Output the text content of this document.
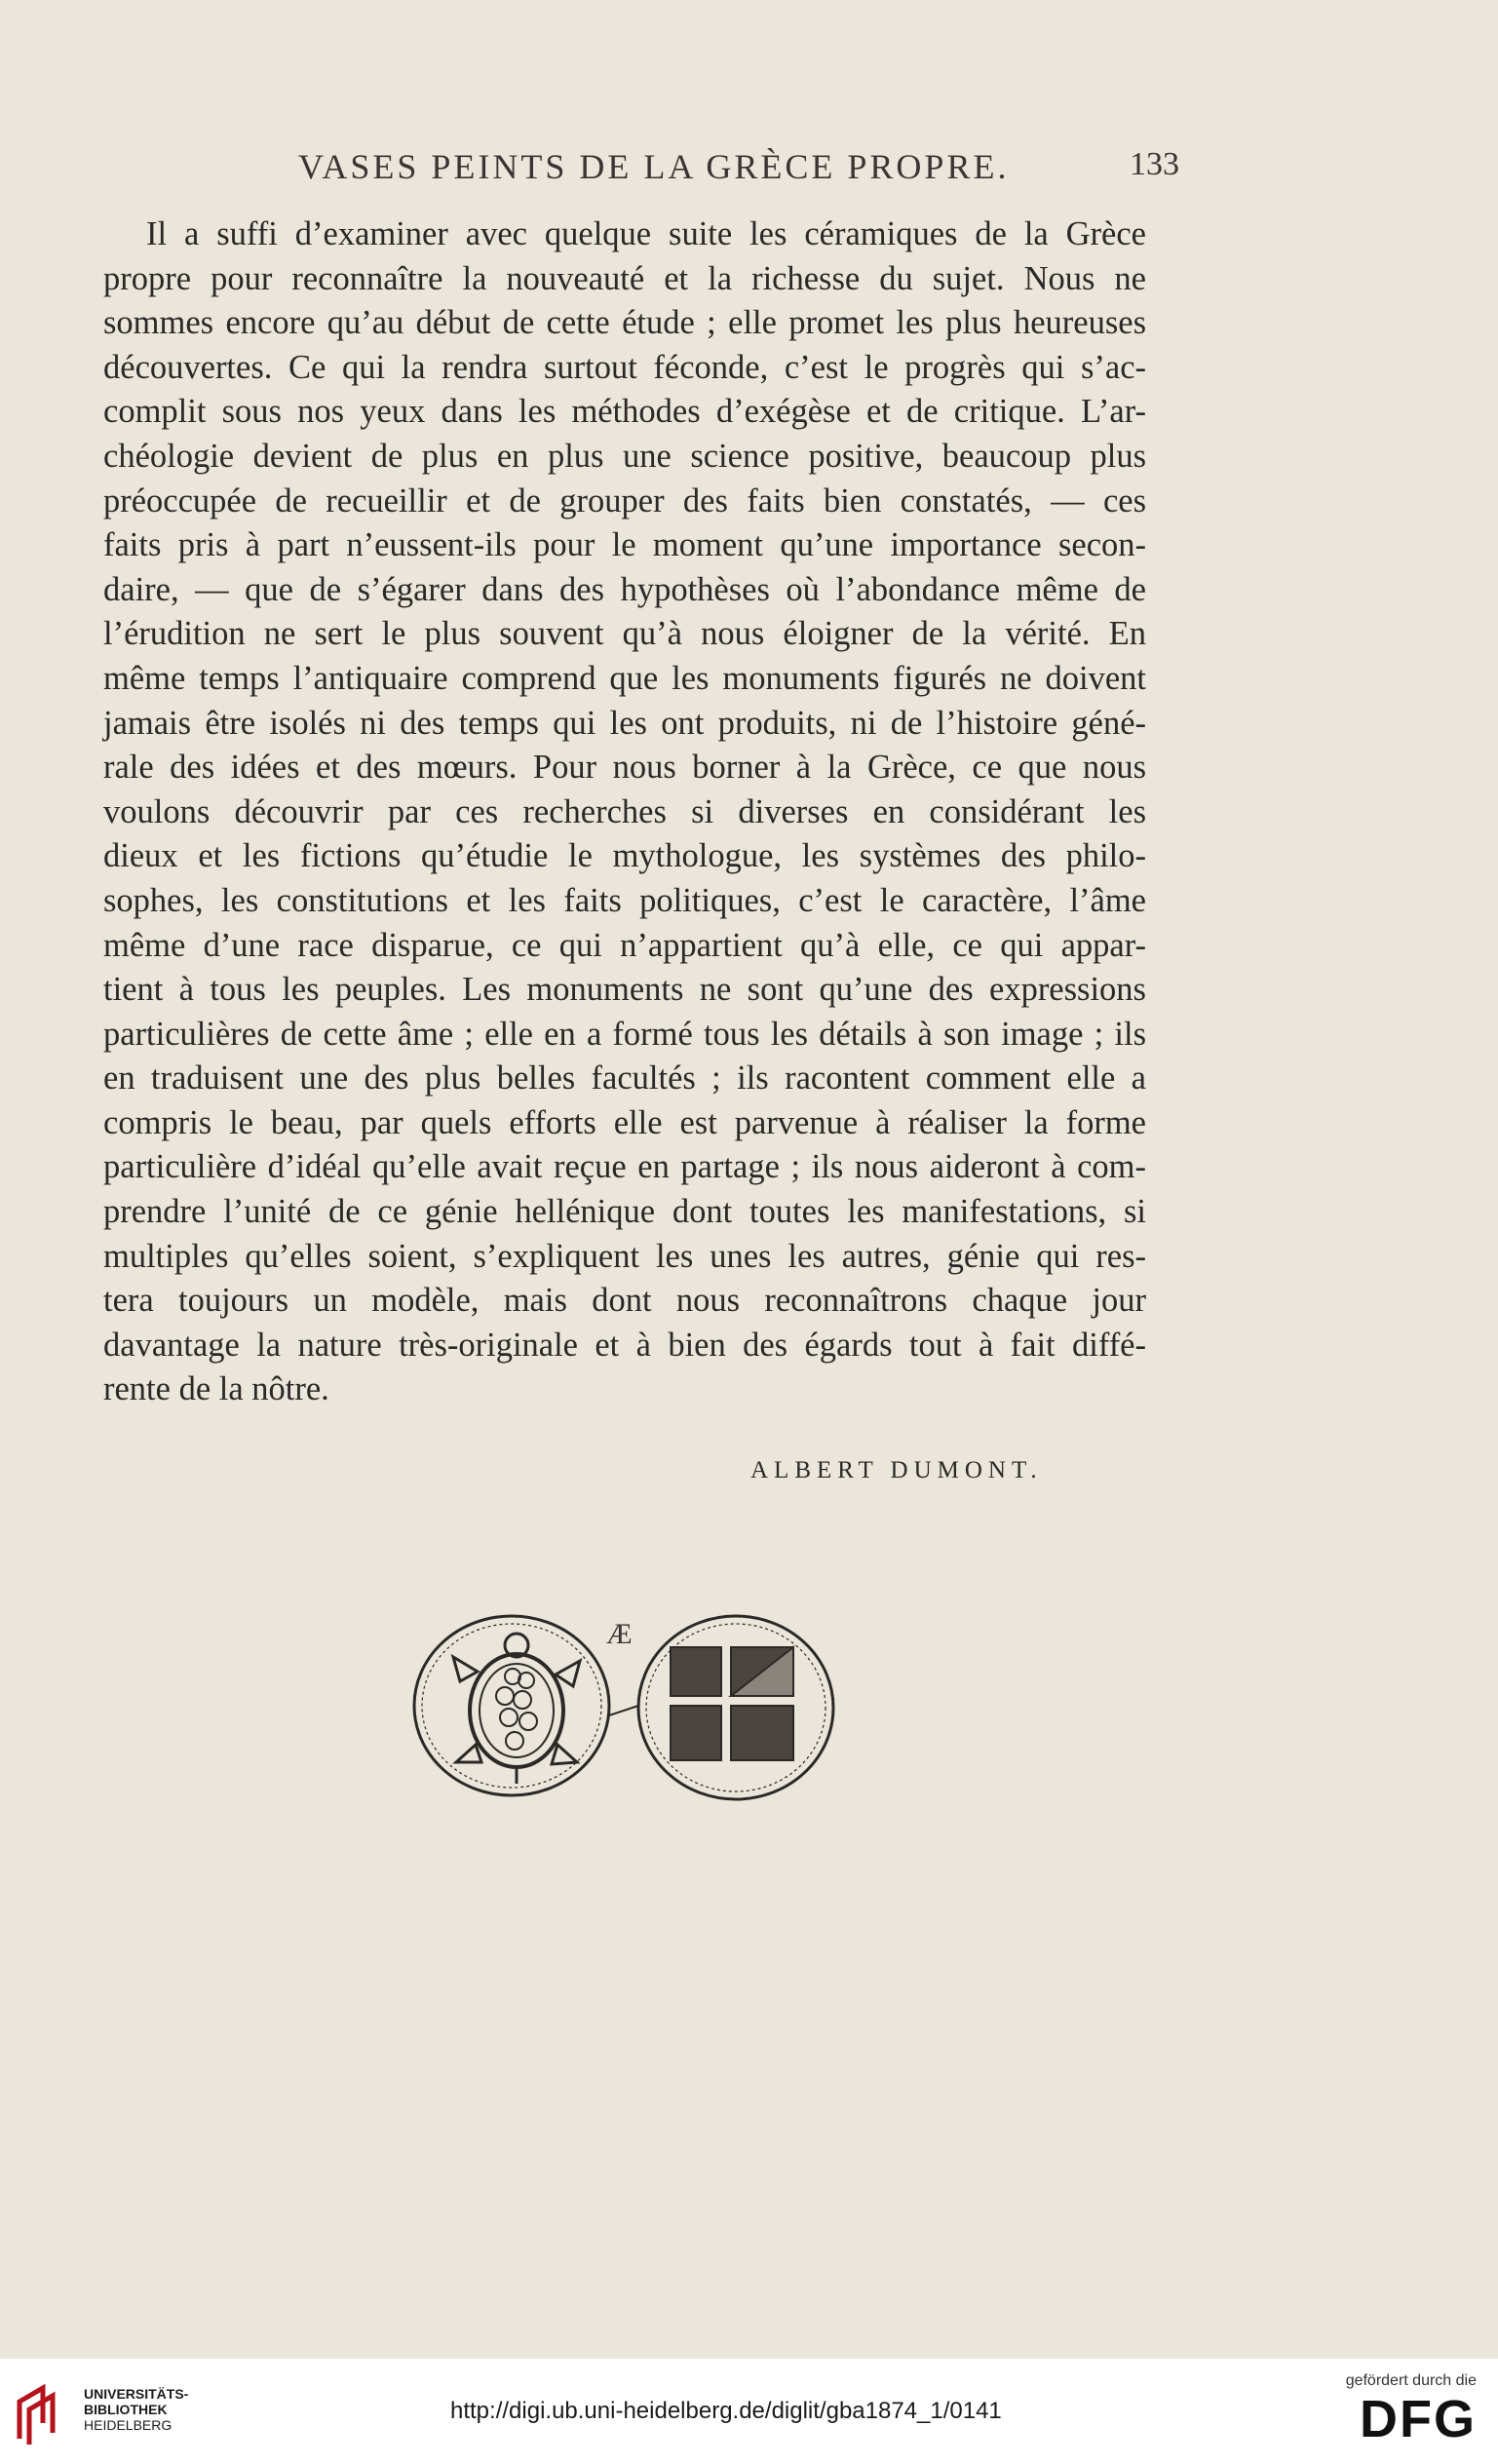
VASES PEINTS DE LA GRÈCE PROPRE.	133
Il a suffi d’examiner avec quelque suite les céramiques de la Grèce
propre pour reconnaître la nouveauté et la richesse du sujet. Nous ne
sommes encore qu’au début de cette étude ; elle promet les plus heureuses
découvertes. Ce qui la rendra surtout féconde, c’est le progrès qui s’ac-
complit sous nos yeux dans les méthodes d’exégèse et de critique. L’ar-
chéologie devient de plus en plus une science positive, beaucoup plus
préoccupée de recueillir et de grouper des faits bien constatés, — ces
faits pris à part n’eussent-ils pour le moment qu’une importance secon-
daire, — que de s’égarer dans des hypothèses où l’abondance même de
l’érudition ne sert le plus souvent qu’à nous éloigner de la vérité. En
même temps l’antiquaire comprend que les monuments figurés ne doivent
jamais être isolés ni des temps qui les ont produits, ni de l’histoire géné-
rale des idées et des mœurs. Pour nous borner à la Grèce, ce que nous
voulons découvrir par ces recherches si diverses en considérant les
dieux et les fictions qu’étudie le mythologue, les systèmes des philo-
sophes, les constitutions et les faits politiques, c’est le caractère, l’âme
même d’une race disparue, ce qui n’appartient qu’à elle, ce qui appar-
tient à tous les peuples. Les monuments ne sont qu’une des expressions
particulières de cette âme ; elle en a formé tous les détails à son image ; ils
en traduisent une des plus belles facultés ; ils racontent comment elle a
compris le beau, par quels efforts elle est parvenue à réaliser la forme
particulière d’idéal qu’elle avait reçue en partage ; ils nous aideront à com-
prendre l’unité de ce génie hellénique dont toutes les manifestations, si
multiples qu’elles soient, s’expliquent les unes les autres, génie qui res-
tera toujours un modèle, mais dont nous reconnaîtrons chaque jour
davantage la nature très-originale et à bien des égards tout à fait diffé-
rente de la nôtre.
ALBERT DUMONT.
Æ
UNIVERSITÄTS-
BIBLIOTHEK
HEIDELBERG
http://digi.ub.uni-heidelberg.de/diglit/gba1874_1/0141
gefördert durch die
DFG
